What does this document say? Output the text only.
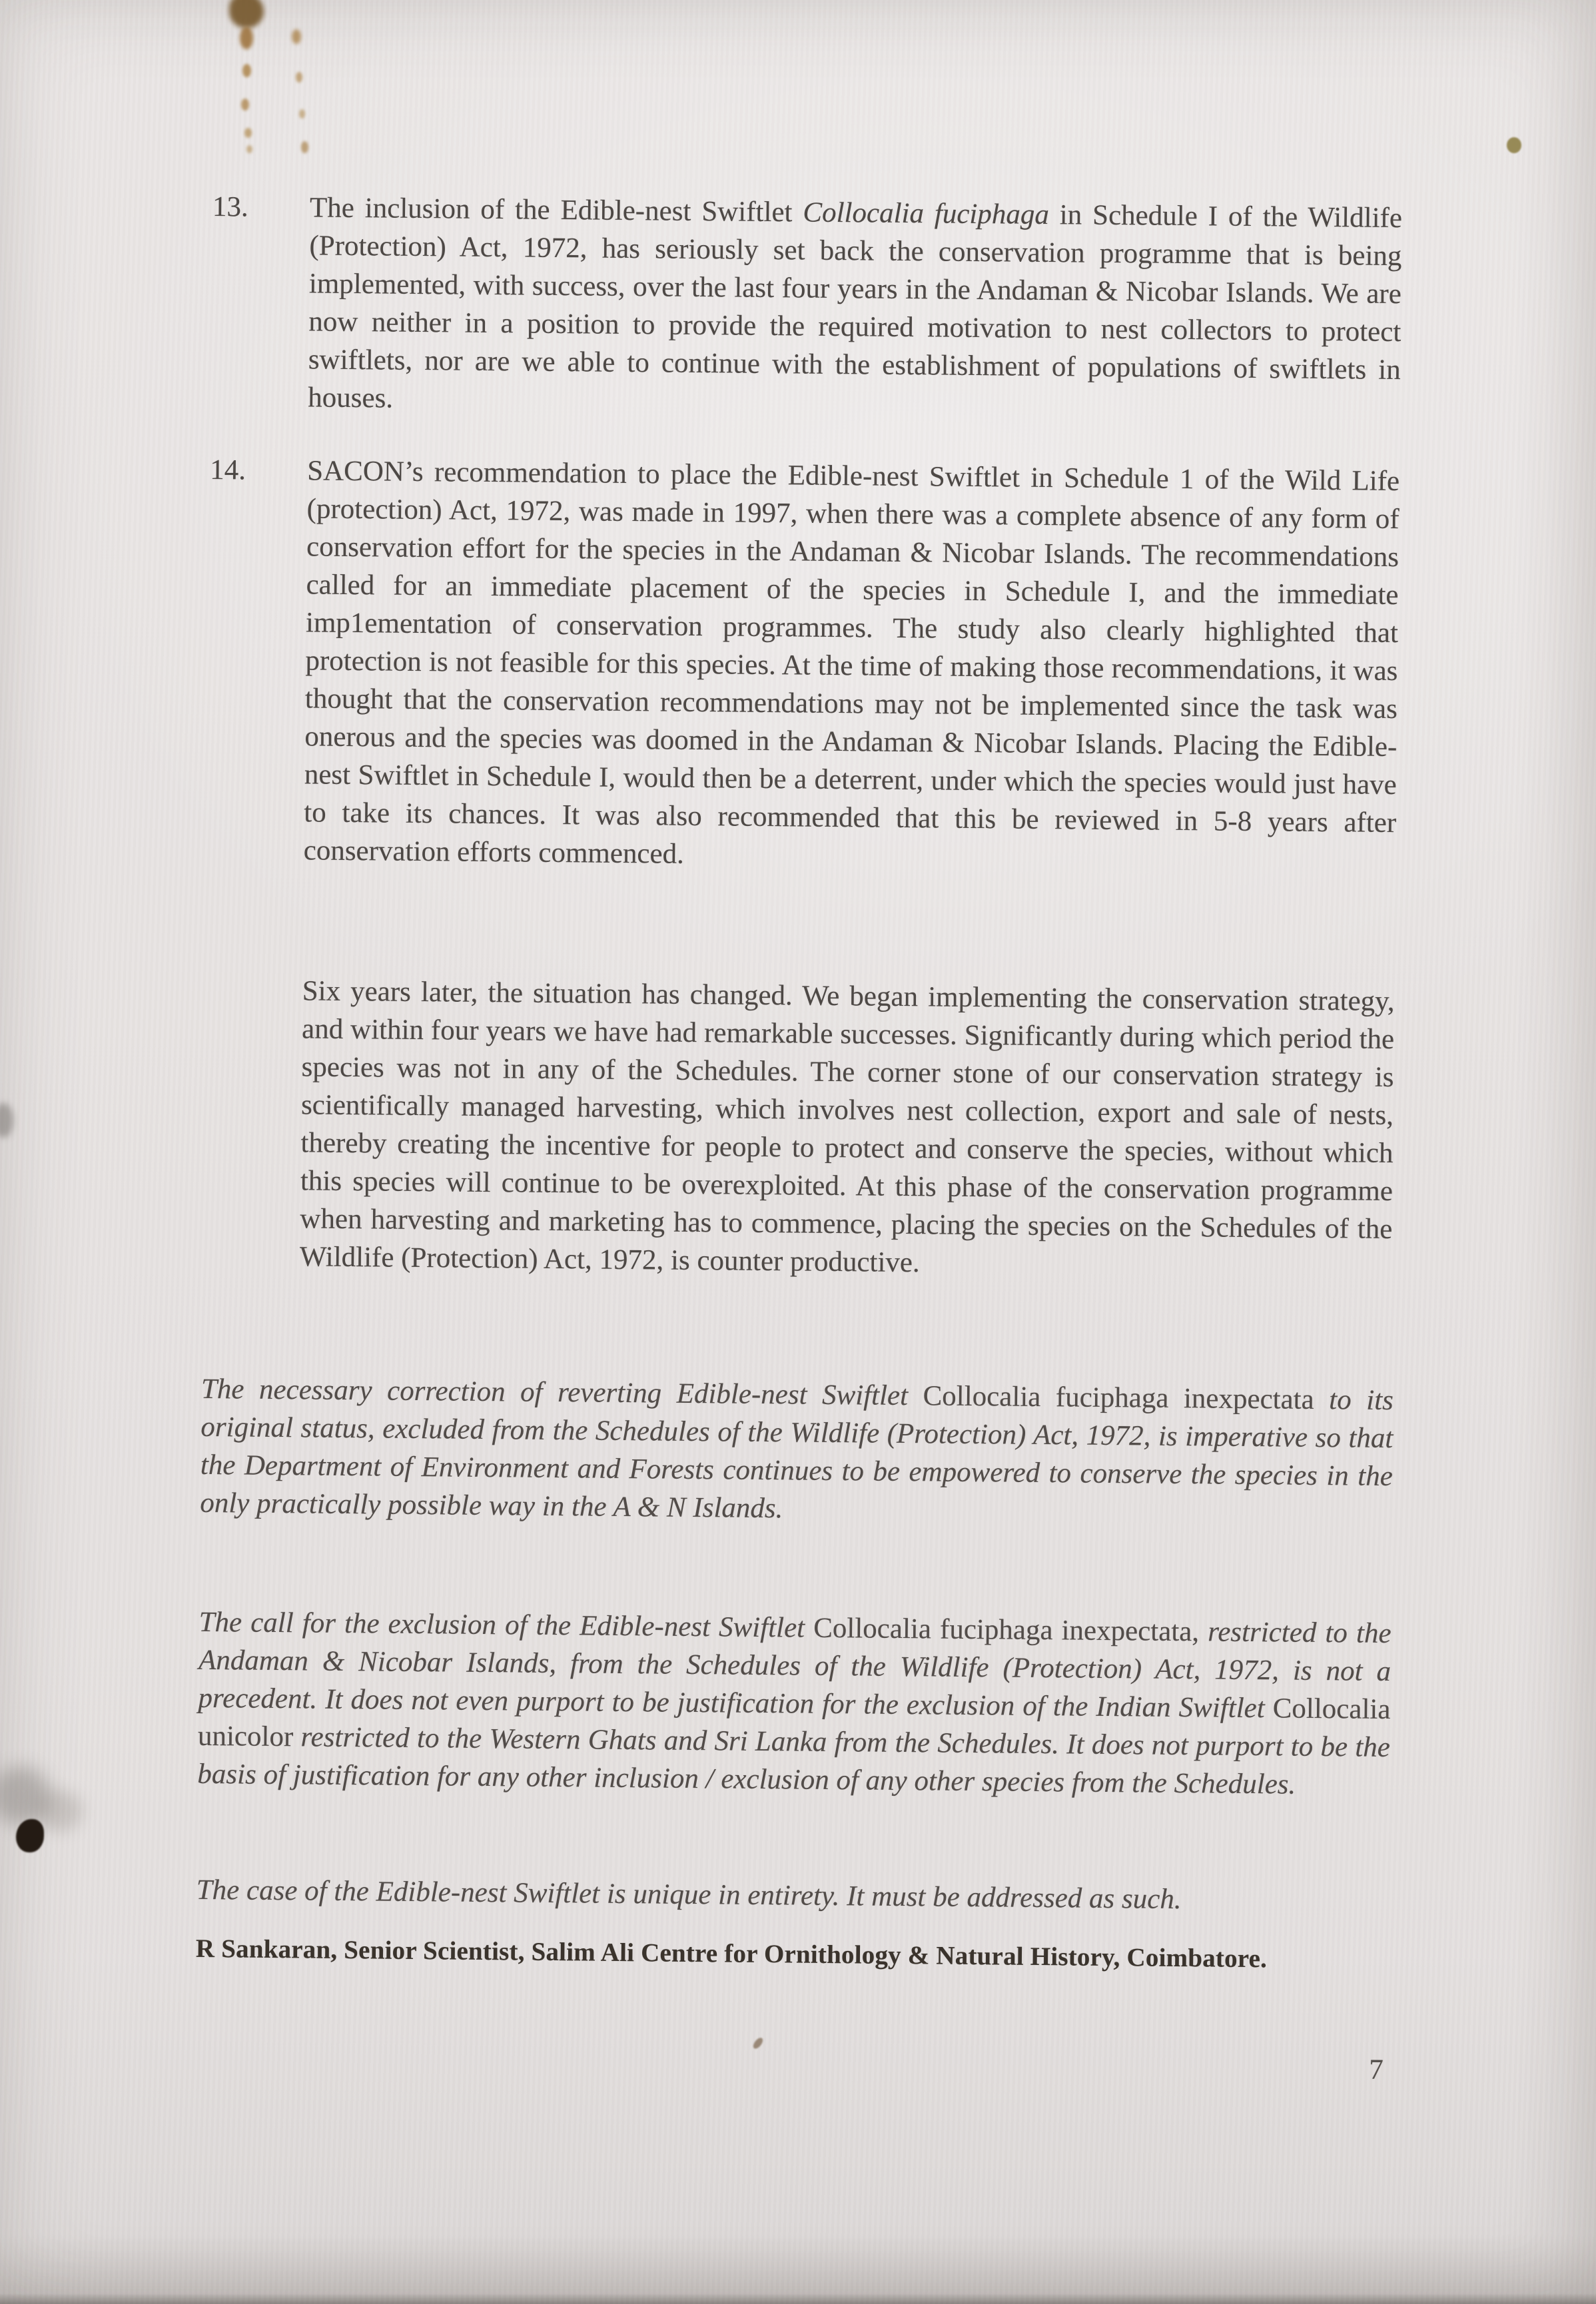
13.	The inclusion of the Edible-nest Swiftlet Collocalia fuciphaga in Schedule I of the Wildlife (Protection) Act, 1972, has seriously set back the conservation programme that is being implemented, with success, over the last four years in the Andaman & Nicobar Islands. We are now neither in a position to provide the required motivation to nest collectors to protect swiftlets, nor are we able to continue with the establishment of populations of swiftlets in houses.
14.	SACON’s recommendation to place the Edible-nest Swiftlet in Schedule 1 of the Wild Life (protection) Act, 1972, was made in 1997, when there was a complete absence of any form of conservation effort for the species in the Andaman & Nicobar Islands. The recommendations called for an immediate placement of the species in Schedule I, and the immediate imp1ementation of conservation programmes. The study also clearly highlighted that protection is not feasible for this species. At the time of making those recommendations, it was thought that the conservation recommendations may not be implemented since the task was onerous and the species was doomed in the Andaman & Nicobar Islands. Placing the Edible-nest Swiftlet in Schedule I, would then be a deterrent, under which the species would just have to take its chances. It was also recommended that this be reviewed in 5-8 years after conservation efforts commenced.
Six years later, the situation has changed. We began implementing the conservation strategy, and within four years we have had remarkable successes. Significantly during which period the species was not in any of the Schedules. The corner stone of our conservation strategy is scientifically managed harvesting, which involves nest collection, export and sale of nests, thereby creating the incentive for people to protect and conserve the species, without which this species will continue to be overexploited. At this phase of the conservation programme when harvesting and marketing has to commence, placing the species on the Schedules of the Wildlife (Protection) Act, 1972, is counter productive.
The necessary correction of reverting Edible-nest Swiftlet Collocalia fuciphaga inexpectata to its original status, excluded from the Schedules of the Wildlife (Protection) Act, 1972, is imperative so that the Department of Environment and Forests continues to be empowered to conserve the species in the only practically possible way in the A & N Islands.
The call for the exclusion of the Edible-nest Swiftlet Collocalia fuciphaga inexpectata, restricted to the Andaman & Nicobar Islands, from the Schedules of the Wildlife (Protection) Act, 1972, is not a precedent. It does not even purport to be justification for the exclusion of the Indian Swiftlet Collocalia unicolor restricted to the Western Ghats and Sri Lanka from the Schedules. It does not purport to be the basis of justification for any other inclusion / exclusion of any other species from the Schedules.
The case of the Edible-nest Swiftlet is unique in entirety. It must be addressed as such.
R Sankaran, Senior Scientist, Salim Ali Centre for Ornithology & Natural History, Coimbatore.
7
